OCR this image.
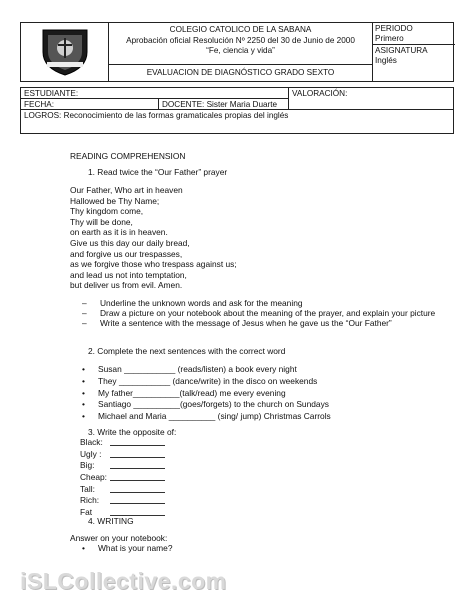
COLEGIO CATOLICO DE LA SABANA
Aprobación oficial Resolución Nº 2250 del 30 de Junio de 2000
“Fe, ciencia y vida”
EVALUACION DE DIAGNÓSTICO GRADO SEXTO
PERIODO
Primero
ASIGNATURA
Inglés
ESTUDIANTE:
FECHA:	DOCENTE: Sister Maria Duarte
VALORACIÓN:
LOGROS: Reconocimiento de las formas gramaticales propias del inglés
READING COMPREHENSION
1. Read twice the “Our Father” prayer
Our Father, Who art in heaven
Hallowed be Thy Name;
Thy kingdom come,
Thy will be done,
on earth as it is in heaven.
Give us this day our daily bread,
and forgive us our trespasses,
as we forgive those who trespass against us;
and lead us not into temptation,
but deliver us from evil. Amen.
– Underline the unknown words and ask for the meaning
– Draw a picture on your notebook about the meaning of the prayer, and explain your picture
– Write a sentence with the message of Jesus when he gave us the “Our Father”
2. Complete the next sentences with the correct word
• Susan ___________ (reads/listen) a book every night
• They ___________ (dance/write) in the disco on weekends
• My father__________(talk/read) me every evening
• Santiago __________(goes/forgets) to the church on Sundays
• Michael and Maria __________ (sing/ jump) Christmas Carrols
3. Write the opposite of:
Black:
Ugly :
Big:
Cheap:
Tall:
Rich:
Fat
4. WRITING
Answer on your notebook:
• What is your name?
iSLCollective.com
